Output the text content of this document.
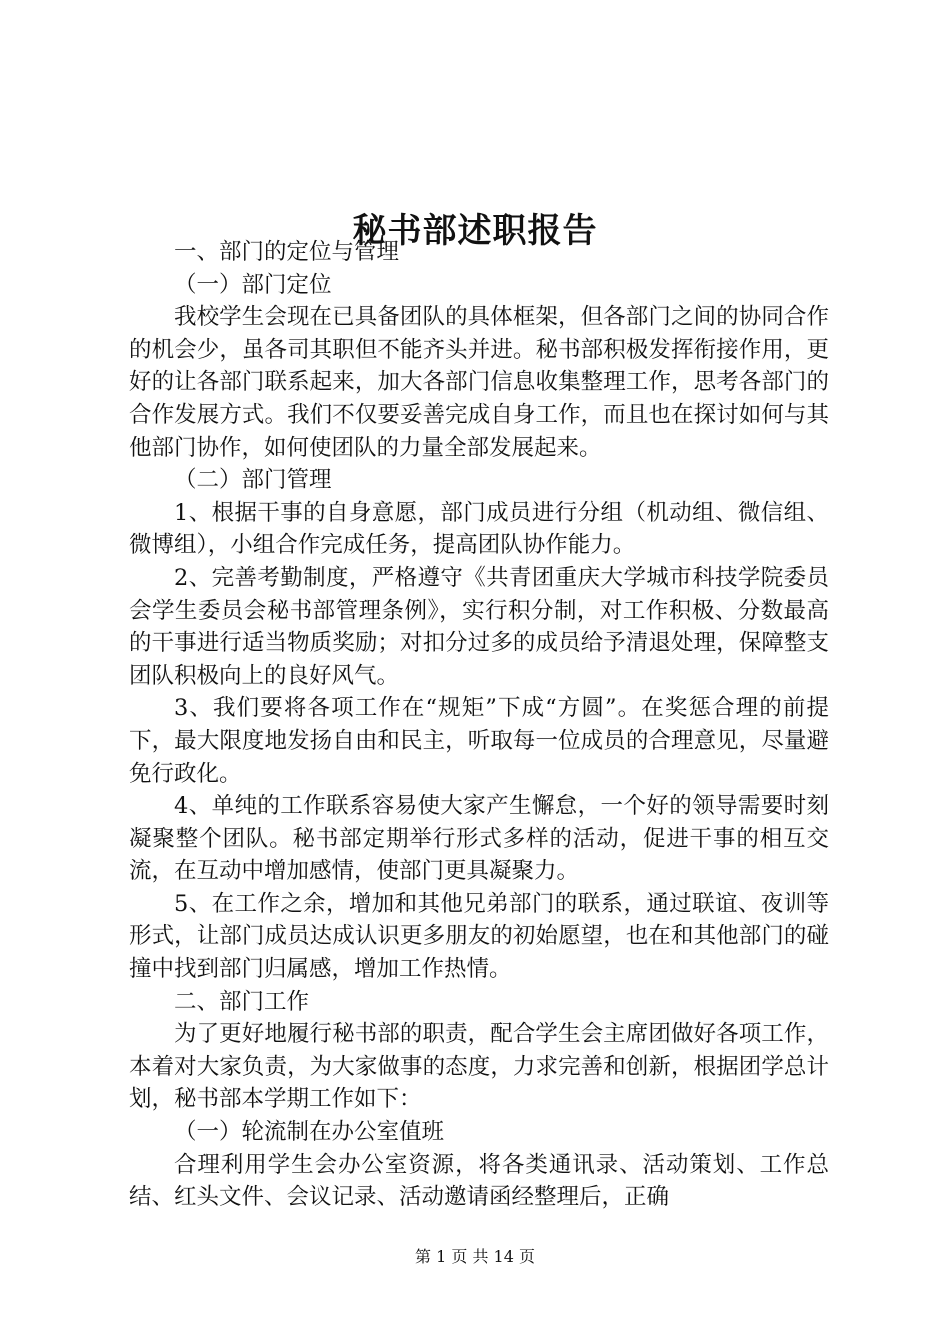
秘书部述职报告

一、部门的定位与管理

（一）部门定位

我校学生会现在已具备团队的具体框架，但各部门之间的协同合作的机会少，虽各司其职但不能齐头并进。秘书部积极发挥衔接作用，更好的让各部门联系起来，加大各部门信息收集整理工作，思考各部门的合作发展方式。我们不仅要妥善完成自身工作，而且也在探讨如何与其他部门协作，如何使团队的力量全部发展起来。

（二）部门管理

1、根据干事的自身意愿，部门成员进行分组（机动组、微信组、微博组），小组合作完成任务，提高团队协作能力。

2、完善考勤制度，严格遵守《共青团重庆大学城市科技学院委员会学生委员会秘书部管理条例》，实行积分制，对工作积极、分数最高的干事进行适当物质奖励；对扣分过多的成员给予清退处理，保障整支团队积极向上的良好风气。

3、我们要将各项工作在“规矩”下成“方圆”。在奖惩合理的前提下，最大限度地发扬自由和民主，听取每一位成员的合理意见，尽量避免行政化。

4、单纯的工作联系容易使大家产生懈怠，一个好的领导需要时刻凝聚整个团队。秘书部定期举行形式多样的活动，促进干事的相互交流，在互动中增加感情，使部门更具凝聚力。

5、在工作之余，增加和其他兄弟部门的联系，通过联谊、夜训等形式，让部门成员达成认识更多朋友的初始愿望，也在和其他部门的碰撞中找到部门归属感，增加工作热情。

二、部门工作

为了更好地履行秘书部的职责，配合学生会主席团做好各项工作，本着对大家负责，为大家做事的态度，力求完善和创新，根据团学总计划，秘书部本学期工作如下：

（一）轮流制在办公室值班

合理利用学生会办公室资源，将各类通讯录、活动策划、工作总结、红头文件、会议记录、活动邀请函经整理后，正确

第 1 页 共 14 页
